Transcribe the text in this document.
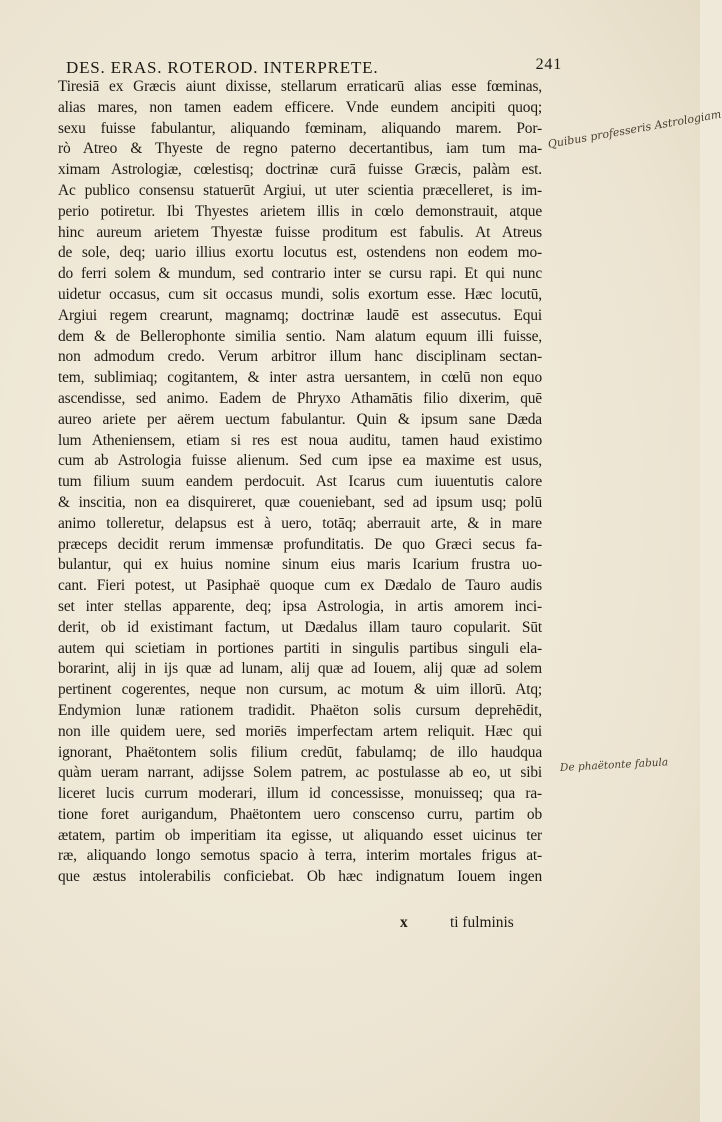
DES. ERAS. ROTEROD. INTERPRETE.	241
Tiresiā ex Græcis aiunt dixisse, stellarum erraticarū alias esse fœminas,
alias mares, non tamen eadem efficere. Vnde eundem ancipiti quoq;
sexu fuisse fabulantur, aliquando fœminam, aliquando marem. Por-
rò Atreo & Thyeste de regno paterno decertantibus, iam tum ma-
ximam Astrologiæ, cœlestisq; doctrinæ curā fuisse Græcis, palàm est.
Ac publico consensu statuerūt Argiui, ut uter scientia præcelleret, is im-
perio potiretur. Ibi Thyestes arietem illis in cœlo demonstrauit, atque
hinc aureum arietem Thyestæ fuisse proditum est fabulis. At Atreus
de sole, deq; uario illius exortu locutus est, ostendens non eodem mo-
do ferri solem & mundum, sed contrario inter se cursu rapi. Et qui nunc
uidetur occasus, cum sit occasus mundi, solis exortum esse. Hæc locutū,
Argiui regem crearunt, magnamq; doctrinæ laudē est assecutus. Equi
dem & de Bellerophonte similia sentio. Nam alatum equum illi fuisse,
non admodum credo. Verum arbitror illum hanc disciplinam sectan-
tem, sublimiaq; cogitantem, & inter astra uersantem, in cœlū non equo
ascendisse, sed animo. Eadem de Phryxo Athamātis filio dixerim, quē
aureo ariete per aërem uectum fabulantur. Quin & ipsum sane Dæda
lum Atheniensem, etiam si res est noua auditu, tamen haud existimo
cum ab Astrologia fuisse alienum. Sed cum ipse ea maxime est usus,
tum filium suum eandem perdocuit. Ast Icarus cum iuuentutis calore
& inscitia, non ea disquireret, quæ coueniebant, sed ad ipsum usq; polū
animo tolleretur, delapsus est à uero, totāq; aberrauit arte, & in mare
præceps decidit rerum immensæ profunditatis. De quo Græci secus fa-
bulantur, qui ex huius nomine sinum eius maris Icarium frustra uo-
cant. Fieri potest, ut Pasiphaë quoque cum ex Dædalo de Tauro audis
set inter stellas apparente, deq; ipsa Astrologia, in artis amorem inci-
derit, ob id existimant factum, ut Dædalus illam tauro copularit. Sūt
autem qui scietiam in portiones partiti in singulis partibus singuli ela-
borarint, alij in ijs quæ ad lunam, alij quæ ad Iouem, alij quæ ad solem
pertinent cogerentes, neque non cursum, ac motum & uim illorū. Atq;
Endymion lunæ rationem tradidit. Phaëton solis cursum deprehēdit,
non ille quidem uere, sed moriēs imperfectam artem reliquit. Hæc qui
ignorant, Phaëtontem solis filium credūt, fabulamq; de illo haudqua
quàm ueram narrant, adijsse Solem patrem, ac postulasse ab eo, ut sibi
liceret lucis currum moderari, illum id concessisse, monuisseq; qua ra-
tione foret aurigandum, Phaëtontem uero conscenso curru, partim ob
ætatem, partim ob imperitiam ita egisse, ut aliquando esset uicinus ter
ræ, aliquando longo semotus spacio à terra, interim mortales frigus at-
que æstus intolerabilis conficiebat. Ob hæc indignatum Iouem ingen
Quibus professeris Astrologiam
De phaëtonte fabula
x	ti fulminis
